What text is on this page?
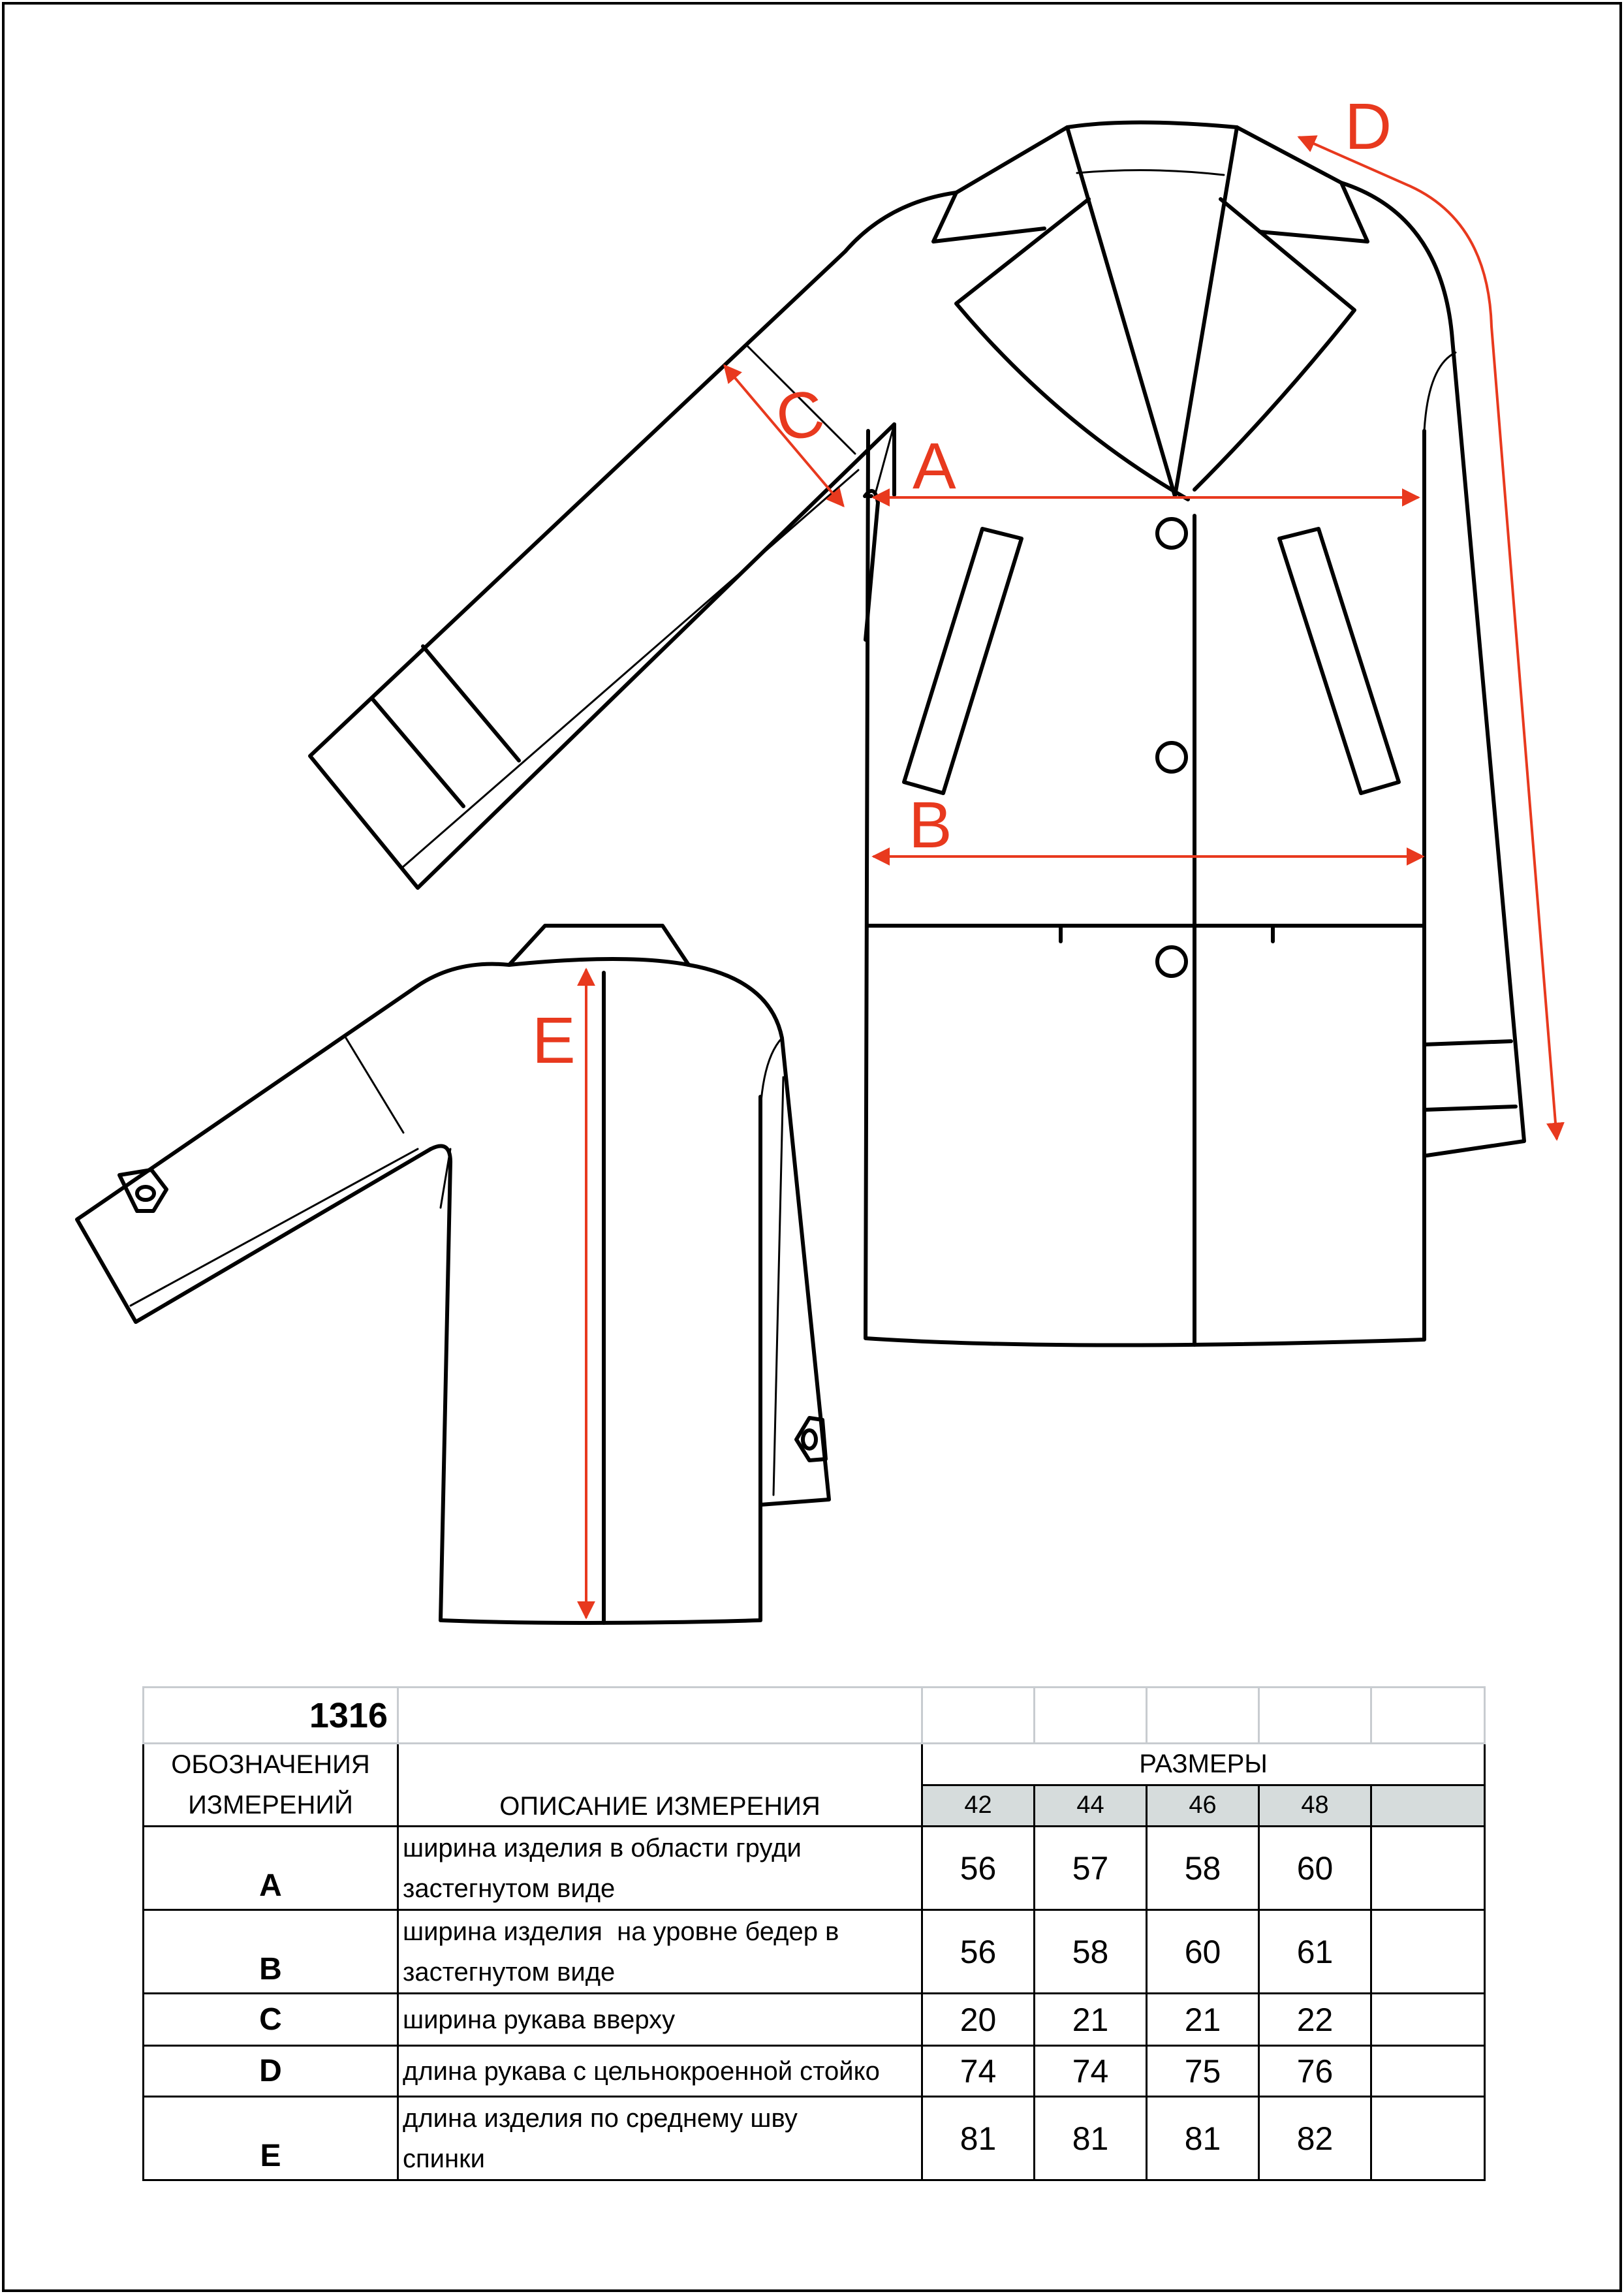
A
B
C
D
E
1316						

ОБОЗНАЧЕНИЯ
ИЗМЕРЕНИЙ	ОПИСАНИЕ ИЗМЕРЕНИЯ	РАЗМЕРЫ				
		42	44	46	48	
A	ширина изделия в области груди
застегнутом виде	56	57	58	60	
B	ширина изделия  на уровне бедер в
застегнутом виде	56	58	60	61	
C	ширина рукава вверху	20	21	21	22	
D	длина рукава с цельнокроенной стойко	74	74	75	76	
E	длина изделия по среднему шву
спинки	81	81	81	82	
